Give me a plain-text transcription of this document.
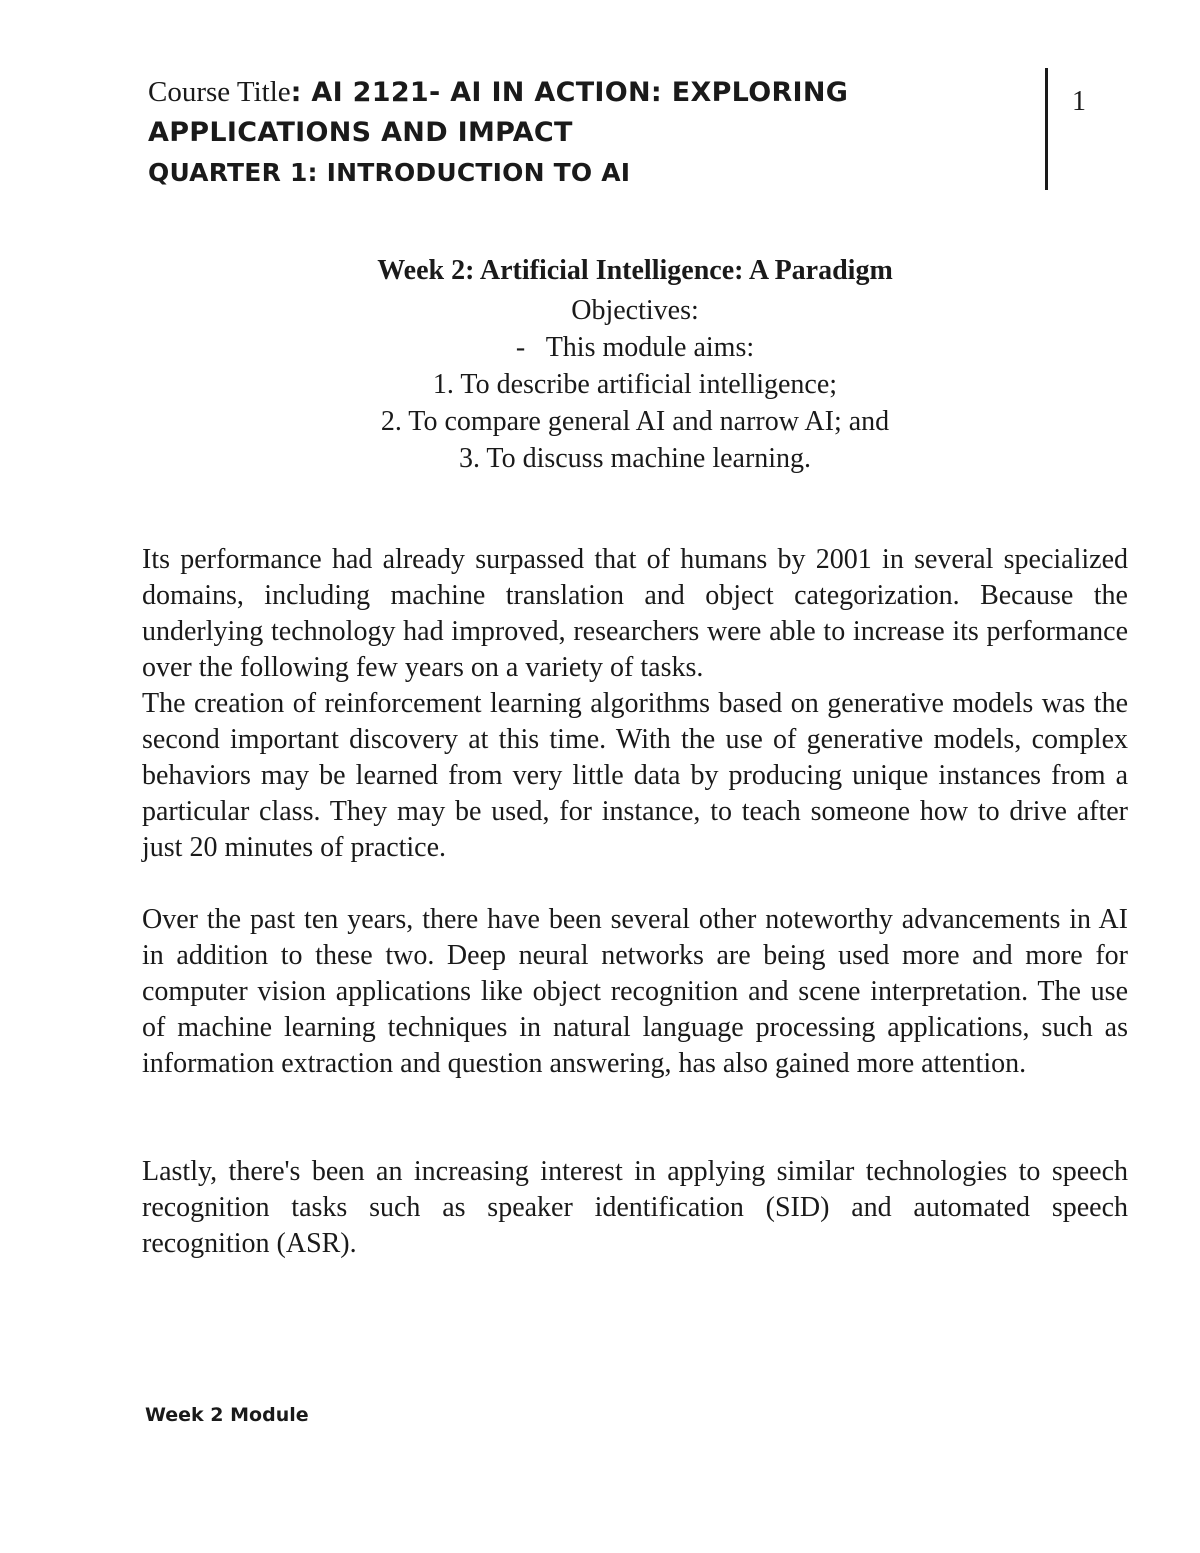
Course Title: AI 2121- AI IN ACTION: EXPLORING
APPLICATIONS AND IMPACT
QUARTER 1: INTRODUCTION TO AI
1
Week 2: Artificial Intelligence: A Paradigm
Objectives:
-   This module aims:
1. To describe artificial intelligence;
2. To compare general AI and narrow AI; and
3. To discuss machine learning.

Its performance had already surpassed that of humans by 2001 in several specialized domains, including machine translation and object categorization. Because the underlying technology had improved, researchers were able to increase its performance over the following few years on a variety of tasks.

The creation of reinforcement learning algorithms based on generative models was the second important discovery at this time. With the use of generative models, complex behaviors may be learned from very little data by producing unique instances from a particular class. They may be used, for instance, to teach someone how to drive after just 20 minutes of practice.

Over the past ten years, there have been several other noteworthy advancements in AI in addition to these two. Deep neural networks are being used more and more for computer vision applications like object recognition and scene interpretation. The use of machine learning techniques in natural language processing applications, such as information extraction and question answering, has also gained more attention.

Lastly, there's been an increasing interest in applying similar technologies to speech recognition tasks such as speaker identification (SID) and automated speech recognition (ASR).

Week 2 Module
